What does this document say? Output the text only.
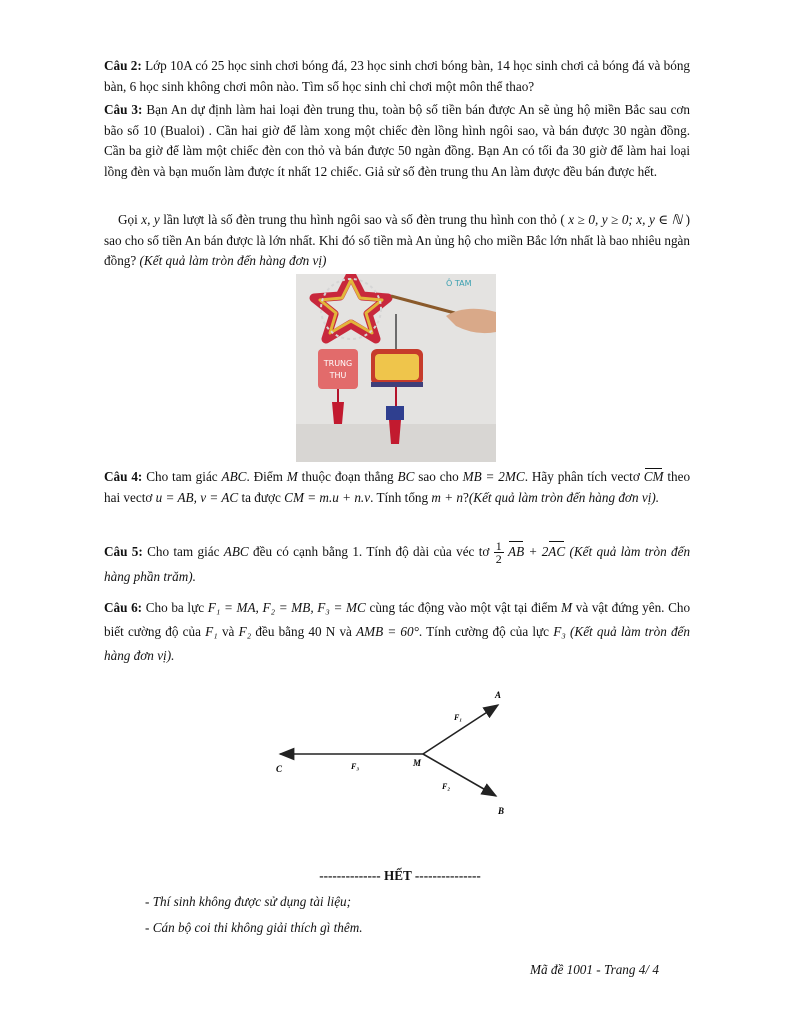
Câu 2: Lớp 10A có 25 học sinh chơi bóng đá, 23 học sinh chơi bóng bàn, 14 học sinh chơi cả bóng đá và bóng bàn, 6 học sinh không chơi môn nào. Tìm số học sinh chỉ chơi một môn thể thao?
Câu 3: Bạn An dự định làm hai loại đèn trung thu, toàn bộ số tiền bán được An sẽ ủng hộ miền Bắc sau cơn bão số 10 (Bualoi) . Cần hai giờ để làm xong một chiếc đèn lồng hình ngôi sao, và bán được 30 ngàn đồng. Cần ba giờ để làm một chiếc đèn con thỏ và bán được 50 ngàn đồng. Bạn An có tối đa 30 giờ để làm hai loại lồng đèn và bạn muốn làm được ít nhất 12 chiếc. Giả sử số đèn trung thu An làm được đều bán được hết.
Gọi x, y lần lượt là số đèn trung thu hình ngôi sao và số đèn trung thu hình con thỏ ( x ≥ 0, y ≥ 0; x, y ∈ ℕ ) sao cho số tiền An bán được là lớn nhất. Khi đó số tiền mà An ủng hộ cho miền Bắc lớn nhất là bao nhiêu ngàn đồng? (Kết quả làm tròn đến hàng đơn vị)
TRUNG
THU
Ô TAM
Câu 4: Cho tam giác ABC. Điểm M thuộc đoạn thẳng BC sao cho MB = 2MC. Hãy phân tích vectơ CM theo hai vectơ u = AB, v = AC ta được CM = m.u + n.v. Tính tổng m + n?(Kết quả làm tròn đến hàng đơn vị).
Câu 5: Cho tam giác ABC đều có cạnh bằng 1. Tính độ dài của véc tơ $\frac{1}{2}$ AB + 2AC (Kết quả làm tròn đến hàng phần trăm).
Câu 6: Cho ba lực F₁ = MA, F₂ = MB, F₃ = MC cùng tác động vào một vật tại điểm M và vật đứng yên. Cho biết cường độ của F₁ và F₂ đều bằng 40 N và AMB = 60°. Tính cường độ của lực F₃ (Kết quả làm tròn đến hàng đơn vị).
A
B
C
M
F₁
F₂
F₃
-------------- HẾT ---------------
- Thí sinh không được sử dụng tài liệu;
- Cán bộ coi thi không giải thích gì thêm.
Mã đề 1001 - Trang 4/ 4
